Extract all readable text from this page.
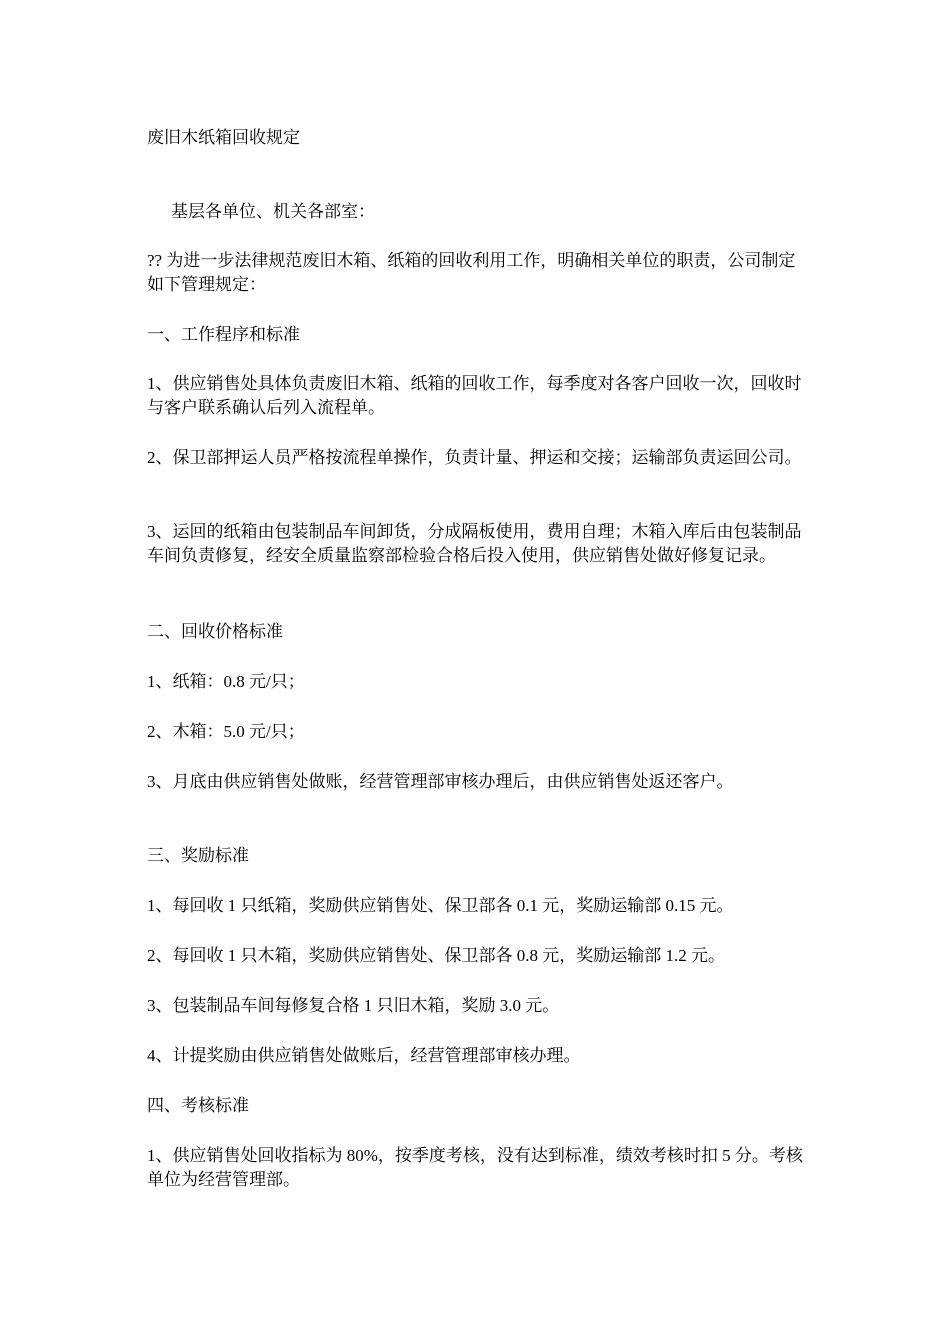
废旧木纸箱回收规定

基层各单位、机关各部室：

?? 为进一步法律规范废旧木箱、纸箱的回收利用工作，明确相关单位的职责，公司制定如下管理规定：

一、工作程序和标准

1、供应销售处具体负责废旧木箱、纸箱的回收工作，每季度对各客户回收一次，回收时与客户联系确认后列入流程单。

2、保卫部押运人员严格按流程单操作，负责计量、押运和交接；运输部负责运回公司。

3、运回的纸箱由包装制品车间卸货，分成隔板使用，费用自理；木箱入库后由包装制品车间负责修复，经安全质量监察部检验合格后投入使用，供应销售处做好修复记录。

二、回收价格标准

1、纸箱：0.8 元/只；

2、木箱：5.0 元/只；

3、月底由供应销售处做账，经营管理部审核办理后，由供应销售处返还客户。

三、奖励标准

1、每回收 1 只纸箱，奖励供应销售处、保卫部各 0.1 元，奖励运输部 0.15 元。

2、每回收 1 只木箱，奖励供应销售处、保卫部各 0.8 元，奖励运输部 1.2 元。

3、包装制品车间每修复合格 1 只旧木箱，奖励 3.0 元。

4、计提奖励由供应销售处做账后，经营管理部审核办理。

四、考核标准

1、供应销售处回收指标为 80%，按季度考核，没有达到标准，绩效考核时扣 5 分。考核单位为经营管理部。
